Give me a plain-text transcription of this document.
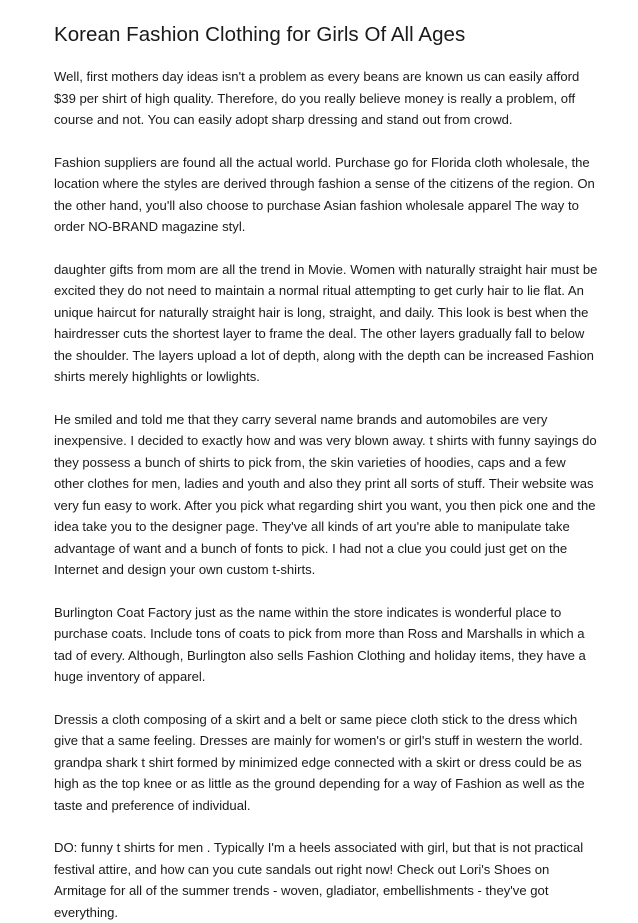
Korean Fashion Clothing for Girls Of All Ages

Well, first mothers day ideas isn't a problem as every beans are known us can easily afford $39 per shirt of high quality. Therefore, do you really believe money is really a problem, off course and not. You can easily adopt sharp dressing and stand out from crowd.

Fashion suppliers are found all the actual world. Purchase go for Florida cloth wholesale, the location where the styles are derived through fashion a sense of the citizens of the region. On the other hand, you'll also choose to purchase Asian fashion wholesale apparel The way to order NO-BRAND magazine styl.

daughter gifts from mom are all the trend in Movie. Women with naturally straight hair must be excited they do not need to maintain a normal ritual attempting to get curly hair to lie flat. An unique haircut for naturally straight hair is long, straight, and daily. This look is best when the hairdresser cuts the shortest layer to frame the deal. The other layers gradually fall to below the shoulder. The layers upload a lot of depth, along with the depth can be increased Fashion shirts merely highlights or lowlights.

He smiled and told me that they carry several name brands and automobiles are very inexpensive. I decided to exactly how and was very blown away. t shirts with funny sayings do they possess a bunch of shirts to pick from, the skin varieties of hoodies, caps and a few other clothes for men, ladies and youth and also they print all sorts of stuff. Their website was very fun easy to work. After you pick what regarding shirt you want, you then pick one and the idea take you to the designer page. They've all kinds of art you're able to manipulate take advantage of want and a bunch of fonts to pick. I had not a clue you could just get on the Internet and design your own custom t-shirts.

Burlington Coat Factory just as the name within the store indicates is wonderful place to purchase coats. Include tons of coats to pick from more than Ross and Marshalls in which a tad of every. Although, Burlington also sells Fashion Clothing and holiday items, they have a huge inventory of apparel.

Dressis a cloth composing of a skirt and a belt or same piece cloth stick to the dress which give that a same feeling. Dresses are mainly for women's or girl's stuff in western the world. grandpa shark t shirt formed by minimized edge connected with a skirt or dress could be as high as the top knee or as little as the ground depending for a way of Fashion as well as the taste and preference of individual.

DO: funny t shirts for men . Typically I'm a heels associated with girl, but that is not practical festival attire, and how can you cute sandals out right now! Check out Lori's Shoes on Armitage for all of the summer trends - woven, gladiator, embellishments - they've got everything.
